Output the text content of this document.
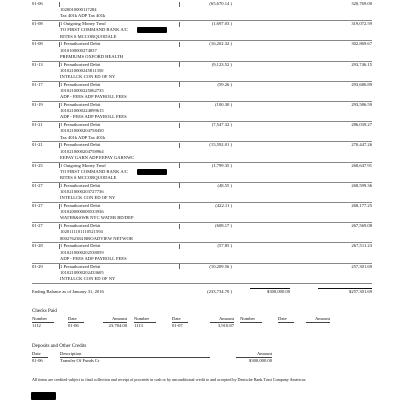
01-06
1020010000117284
Tax 401k ADP Tax 401k
(65,670.14 )	320,769.00
01-08	1 Outgoing Money Trnsf
TO FIRST COMMAND BANK A/C
RITES S MCCORQUODALE
(1,697.03 )	319,072.59
01-08	1 Preauthorized Debit
1010100000274837
PREMIUMS OXFORD HEALTH
(16,202.32 )	302,869.67
01-13	1 Preauthorized Debit
1010210000245811350
INTELLCK CON ED OF NY
(9,123.52 )	293,746.15
01-17	1 Preauthorized Debit
1010210000225062735
ADP - FEES ADP PAYROLL FEES
(59.26 )	293,686.89
01-19	1 Preauthorized Debit
1010210000224899615
ADP - FEES ADP PAYROLL FEES
(100.30 )	293,586.59
01-21	1 Preauthorized Debit
1010210000204758450
Tax 401k ADP Tax 401k
(7,547.32 )	286,039.27
01-21	1 Preauthorized Debit
1010210000204758964
EEPAY GARN ADP EEPAY GARNWC
(15,592.01 )	270,447.26
01-25	1 Outgoing Money Trnsf
TO FIRST COMMAND BANK A/C
RITES S MCCORQUODALE
(1,799.35 )	268,647.91
01-27	1 Preauthorized Debit
1010210000203727736
INTELLCK CON ED OF NY
(48.55 )	268,599.36
01-27	1 Preauthorized Debit
1010200000000533936
WATER&SWR NYC WATER BD/DEP
(422.11 )	268,177.25
01-27	1 Preauthorized Debit
1020111101110521594
8002762384 BROADVIEW NETWOR
(608.17 )	267,569.08
01-28	1 Preauthorized Debit
1010210000202538059
ADP - FEES ADP PAYROLL FEES
(57.85 )	267,511.23
01-29	1 Preauthorized Debit
1010210000202433605
INTELLCK CON ED OF NY
(10,209.56 )	257,301.69
Ending Balance as of January 31, 2016	(233,734.70 )	$300,000.00	$257,301.69
Checks Paid
Number	Date	Amount Number	Date	Amount Number	Date	Amount
1112	01-06	23,784.00 1113	01-07	3,910.87
Deposits and Other Credits
Date	Description	Amount
01-06	Transfer Of Funds Cr	$300,000.00
All items are credited subject to final collection and receipt of proceeds in cash or by unconditional credit to and accepted by Deutsche Bank Trust Company Americas.
